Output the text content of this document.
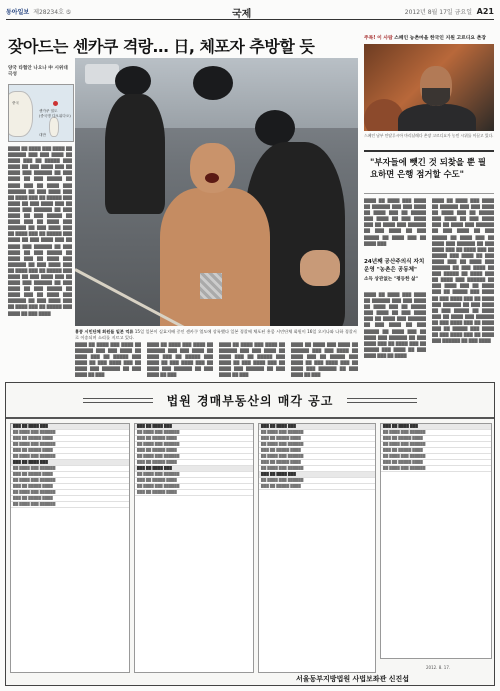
동아일보 제28234호 ⑤	국제	2012년 8월 17일 금요일 A21
잦아드는 센카쿠 격랑… 日, 체포자 추방할 듯
양국 타협안 나오나 中 시위대 극성
센카쿠 열도
(중국명 댜오위다오)
중국
대만
████ ██ ████ ███ ████ ██ ██████ ███ ███ ████ ██ ████ ███ ██ █████ ███ ████ ██ ███ ████ ███ ██ ████ ███ ██████ ██ ███ ████ ██ ███ █████ ██ ████ ███ ██ ████ ███ ██████ ██ ███ ████ ███ ██ ████ ███ ██ █████ ███ ████ ██ ███ ████ ███ ██ ████ ███ ██████ ██ ███ ████ ██ ███ █████ ██ ████ ███ ██ ████ ███ ██████ ██ ███ ████ ███ ██ ████ ███ ██ █████ ███ ████ ██ ███ ████ ███ ██ ████ ███ ██████ ██ ███ ████ ██ ███ █████ ██ ████ ███ ██ ████ ███ ██████ ██ ███ ████ ███ ██ ████ ███ ██ █████ ███ ████ ██ ███ ████ ███ ██ ████ ███ ██████ ██ ███ ████ ██ ███ █████ ██ ████ ███ ██ ████ ███ ██████ ██ ███ ████ ███ ██ ████ ███ ██ █████ ███ ████ ██ ███ ████
홍콩 시민단체 회원들 일본 억류 15일 일본이 실효지배 중인 센카쿠 열도에 상륙했다 일본 경찰에 체포된 홍콩 시민단체 회원이 16일 오키나와 나하 경찰서로 이송되며 소리를 지르고 있다.
████ ██ ████ ███ ████ ██ ██████ ███ ███ ████ ██ ████ ███ ██ █████ ███ ████ ██ ███ ████ ███ ██ ████ ███ ██████ ██ ███ ████ ██ ███
████ ██ ████ ███ ████ ██ ██████ ███ ███ ████ ██ ████ ███ ██ █████ ███ ████ ██ ███ ████ ███ ██ ████ ███ ██████ ██ ███ ████ ██ ███
████ ██ ████ ███ ████ ██ ██████ ███ ███ ████ ██ ████ ███ ██ █████ ███ ████ ██ ███ ████ ███ ██ ████ ███ ██████ ██ ███ ████ ██ ███
████ ██ ████ ███ ████ ██ ██████ ███ ███ ████ ██ ████ ███ ██ █████ ███ ████ ██ ███ ████ ███ ██ ████ ███ ██████ ██ ███ ████ ██ ███
주목! 이 사람 스페인 농촌마을 한국인 지원 고르디요 촌장
스페인 남부 안달루시아 마리날레다 촌장 고르디요가 농민 시위를 이끌고 있다.
"부자들에 뺏긴 것 되찾을 뿐 필요하면 은행 점거할 수도"
████ ██ ████ ███ ████ ██ ██████ ███ ███ ████ ██ ████ ███ ██ █████ ███ ████ ██ ███ ████ ███ ██ ████ ███ ██████ ██ ███ ████ ██ ███ █████ ██ ████ ███ ██ ████ ███
████ ██ ████ ███ ████ ██ ██████ ███ ███ ████ ██ ████ ███ ██ █████ ███ ████ ██ ███ ████ ███ ██ ████ ███ ██████ ██ ███ ████ ██ ███ █████ ██ ████ ███ ██ ████ ███ ██████ ██ ███ ████ ███ ██ ████ ███ ██ █████ ███ ████ ██ ███ ████ ███ ██ ████ ███ ██████ ██ ███ ████ ██ ███ █████ ██ ████ ███ ██ ████ ███ ██████ ██ ███ ████ ███ ██ ████ ███ ██ █████ ███ ████ ██ ███ ████ ███ ██ ████ ███ ██████ ██ ███ ████ ██ ███ █████ ██ ████ ███ ██ ████ ███ ██████ ██ ███ ████ ███ ██ ████ ███ ██ █████ ███ ████ ██ ███ ████ ███ ██ ████ ███ ██████ ██ ███ ████
24년째 공산주의식 자치 운영 "농촌은 공동체"
소득 상관없는 "평등한 삶"
████ ██ ████ ███ ████ ██ ██████ ███ ███ ████ ██ ████ ███ ██ █████ ███ ████ ██ ███ ████ ███ ██ ████ ███ ██████ ██ ███ ████ ██ ███ █████ ██ ████ ███ ██ ████ ███ ██████ ██ ███ ████ ███ ██ ████ ███ ██ █████ ███ ████ ██ ███ ████ ███ ██ ████
법원 경매부동산의 매각 공고
███ ██ ████ ███
██ ████ ███ ██████
███ ██ █████ ████
██ ████ ███ ██████
███ ██ █████ ████
██ ████ ███ ██████
███ ██ ████ ███
██ ████ ███ ██████
███ ██ █████ ████
██ ████ ███ ██████
███ ██ █████ ████
██ ████ ███ ██████
███ ██ █████ ████
██ ████ ███ ██████
███ ██ ████ ███
██ ████ ███ ██████
███ ██ █████ ████
██ ████ ███ ██████
███ ██ █████ ████
██ ████ ███ ██████
███ ██ █████ ████
███ ██ ████ ███
██ ████ ███ ██████
███ ██ █████ ████
██ ████ ███ ██████
███ ██ █████ ████
███ ██ ████ ███
██ ████ ███ ██████
███ ██ █████ ████
██ ████ ███ ██████
███ ██ █████ ████
██ ████ ███ ██████
███ ██ █████ ████
██ ████ ███ ██████
███ ██ ████ ███
██ ████ ███ ██████
███ ██ █████ ████
███ ██ ████ ███
██ ████ ███ ██████
███ ██ █████ ████
██ ████ ███ ██████
███ ██ █████ ████
██ ████ ███ ██████
███ ██ █████ ████
██ ████ ███ ██████
2012. 8. 17.
서울동부지방법원 사법보좌관 신진섭
